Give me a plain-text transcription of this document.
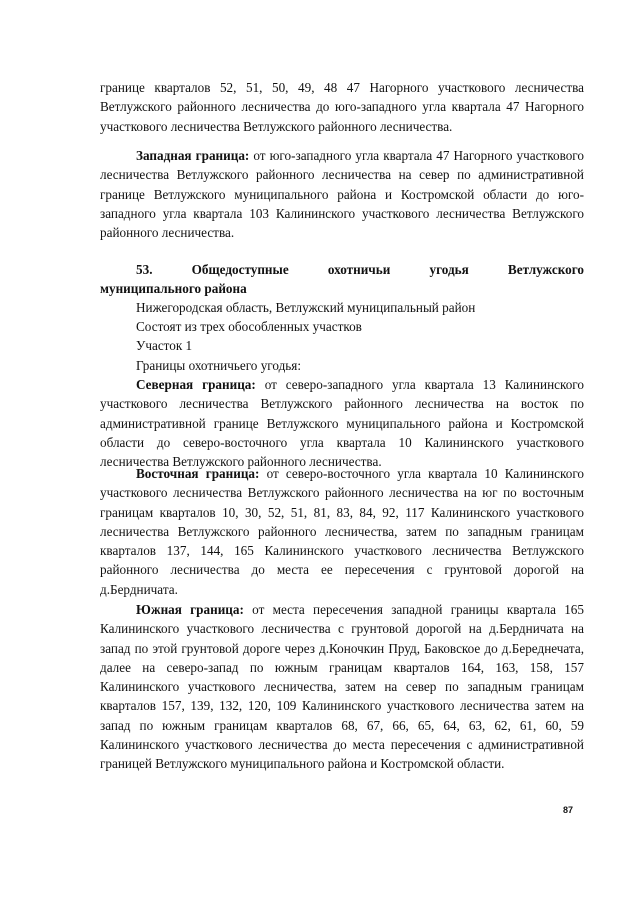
границе кварталов 52, 51, 50, 49, 48 47 Нагорного участкового лесничества Ветлужского районного лесничества до юго-западного угла квартала 47 Нагорного участкового лесничества Ветлужского районного лесничества.
Западная граница: от юго-западного угла квартала 47 Нагорного участкового лесничества Ветлужского районного лесничества на север по административной границе Ветлужского муниципального района и Костромской области до юго-западного угла квартала 103 Калининского участкового лесничества Ветлужского районного лесничества.
53.	Общедоступные	охотничьи	угодья	Ветлужского
муниципального района
Нижегородская область, Ветлужский муниципальный район
Состоят из трех обособленных участков
Участок 1
Границы охотничьего угодья:
Северная граница: от северо-западного угла квартала 13 Калининского участкового лесничества Ветлужского районного лесничества на восток по административной границе Ветлужского муниципального района и Костромской области до северо-восточного угла квартала 10 Калининского участкового лесничества Ветлужского районного лесничества.
Восточная граница: от северо-восточного угла квартала 10 Калининского участкового лесничества Ветлужского районного лесничества на юг по восточным границам кварталов 10, 30, 52, 51, 81, 83, 84, 92, 117 Калининского участкового лесничества Ветлужского районного лесничества, затем по западным границам кварталов 137, 144, 165 Калининского участкового лесничества Ветлужского районного лесничества до места ее пересечения с грунтовой дорогой на д.Бердничата.
Южная граница: от места пересечения западной границы квартала 165 Калининского участкового лесничества с грунтовой дорогой на д.Бердничата на запад по этой грунтовой дороге через д.Коночкин Пруд, Баковское до д.Береднечата, далее на северо-запад по южным границам кварталов 164, 163, 158, 157 Калининского участкового лесничества, затем на север по западным границам кварталов 157, 139, 132, 120, 109 Калининского участкового лесничества затем на запад по южным границам кварталов 68, 67, 66, 65, 64, 63, 62, 61, 60, 59 Калининского участкового лесничества до места пересечения с административной границей Ветлужского муниципального района и Костромской области.
87
